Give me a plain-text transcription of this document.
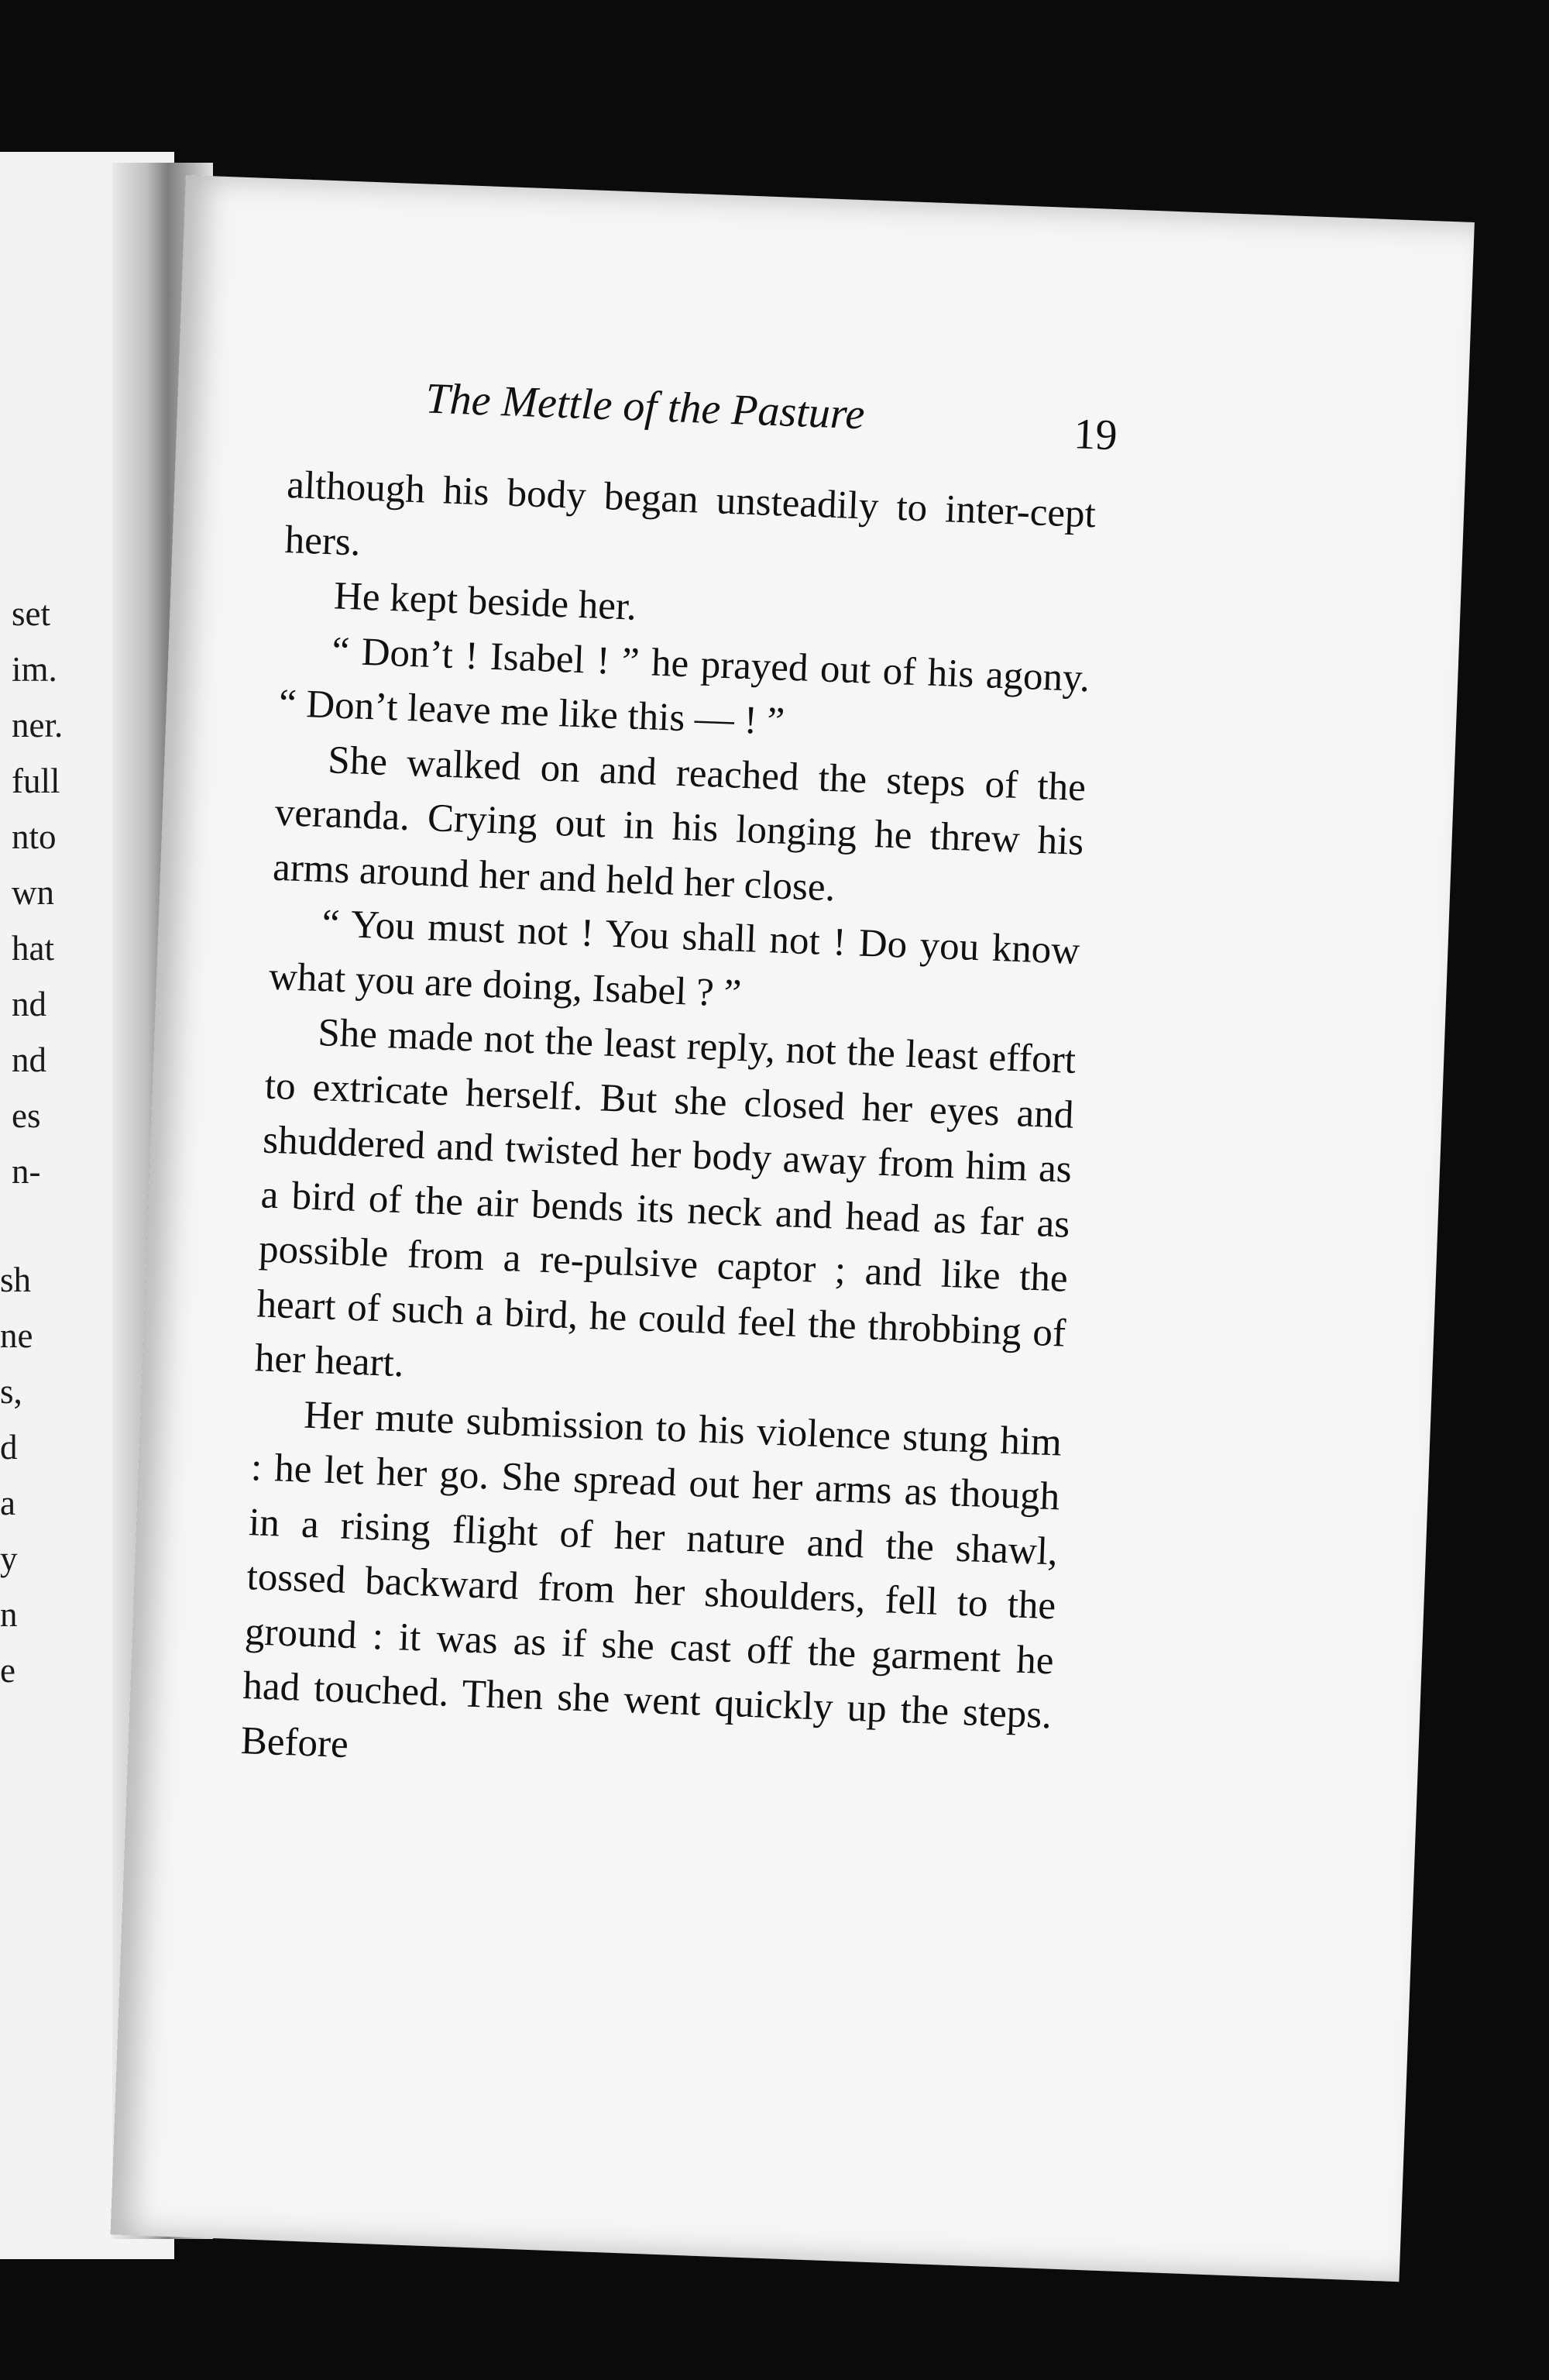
set
im.
ner.
full
nto
wn
hat
nd
nd
es
n-
sh
ne
s,
d
a
y
n
e
The Mettle of the Pasture	19

although his body began unsteadily to inter-cept hers.

He kept beside her.

“ Don’t ! Isabel ! ” he prayed out of his agony. “ Don’t leave me like this — ! ”

She walked on and reached the steps of the veranda. Crying out in his longing he threw his arms around her and held her close.

“ You must not ! You shall not ! Do you know what you are doing, Isabel ? ”

She made not the least reply, not the least effort to extricate herself. But she closed her eyes and shuddered and twisted her body away from him as a bird of the air bends its neck and head as far as possible from a re-pulsive captor ; and like the heart of such a bird, he could feel the throbbing of her heart.

Her mute submission to his violence stung him : he let her go. She spread out her arms as though in a rising flight of her nature and the shawl, tossed backward from her shoulders, fell to the ground : it was as if she cast off the garment he had touched. Then she went quickly up the steps. Before
